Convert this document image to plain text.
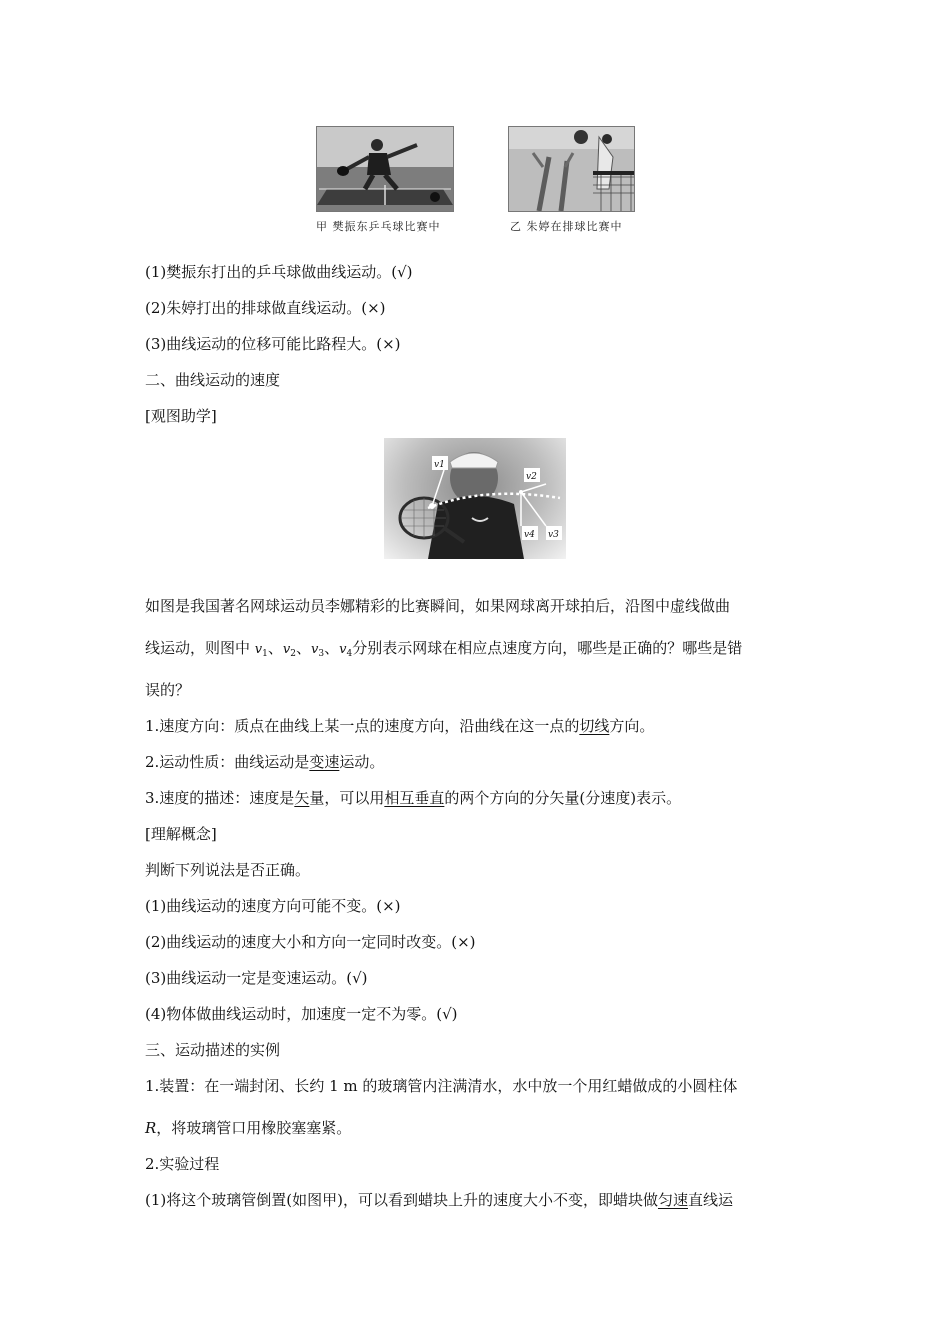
甲 樊振东乒乓球比赛中	乙 朱婷在排球比赛中
(1)樊振东打出的乒乓球做曲线运动。(√)
(2)朱婷打出的排球做直线运动。(×)
(3)曲线运动的位移可能比路程大。(×)
二、曲线运动的速度
[观图助学]
v1
v2
v3
v4
如图是我国著名网球运动员李娜精彩的比赛瞬间，如果网球离开球拍后，沿图中虚线做曲
线运动，则图中 $v_1$、$v_2$、$v_3$、$v_4$分别表示网球在相应点速度方向，哪些是正确的？哪些是错
误的？
1.速度方向：质点在曲线上某一点的速度方向，沿曲线在这一点的切线方向。
2.运动性质：曲线运动是变速运动。
3.速度的描述：速度是矢量，可以用相互垂直的两个方向的分矢量(分速度)表示。
[理解概念]
判断下列说法是否正确。
(1)曲线运动的速度方向可能不变。(×)
(2)曲线运动的速度大小和方向一定同时改变。(×)
(3)曲线运动一定是变速运动。(√)
(4)物体做曲线运动时，加速度一定不为零。(√)
三、运动描述的实例
1.装置：在一端封闭、长约 1 m 的玻璃管内注满清水，水中放一个用红蜡做成的小圆柱体
R，将玻璃管口用橡胶塞塞紧。
2.实验过程
(1)将这个玻璃管倒置(如图甲)，可以看到蜡块上升的速度大小不变，即蜡块做匀速直线运
